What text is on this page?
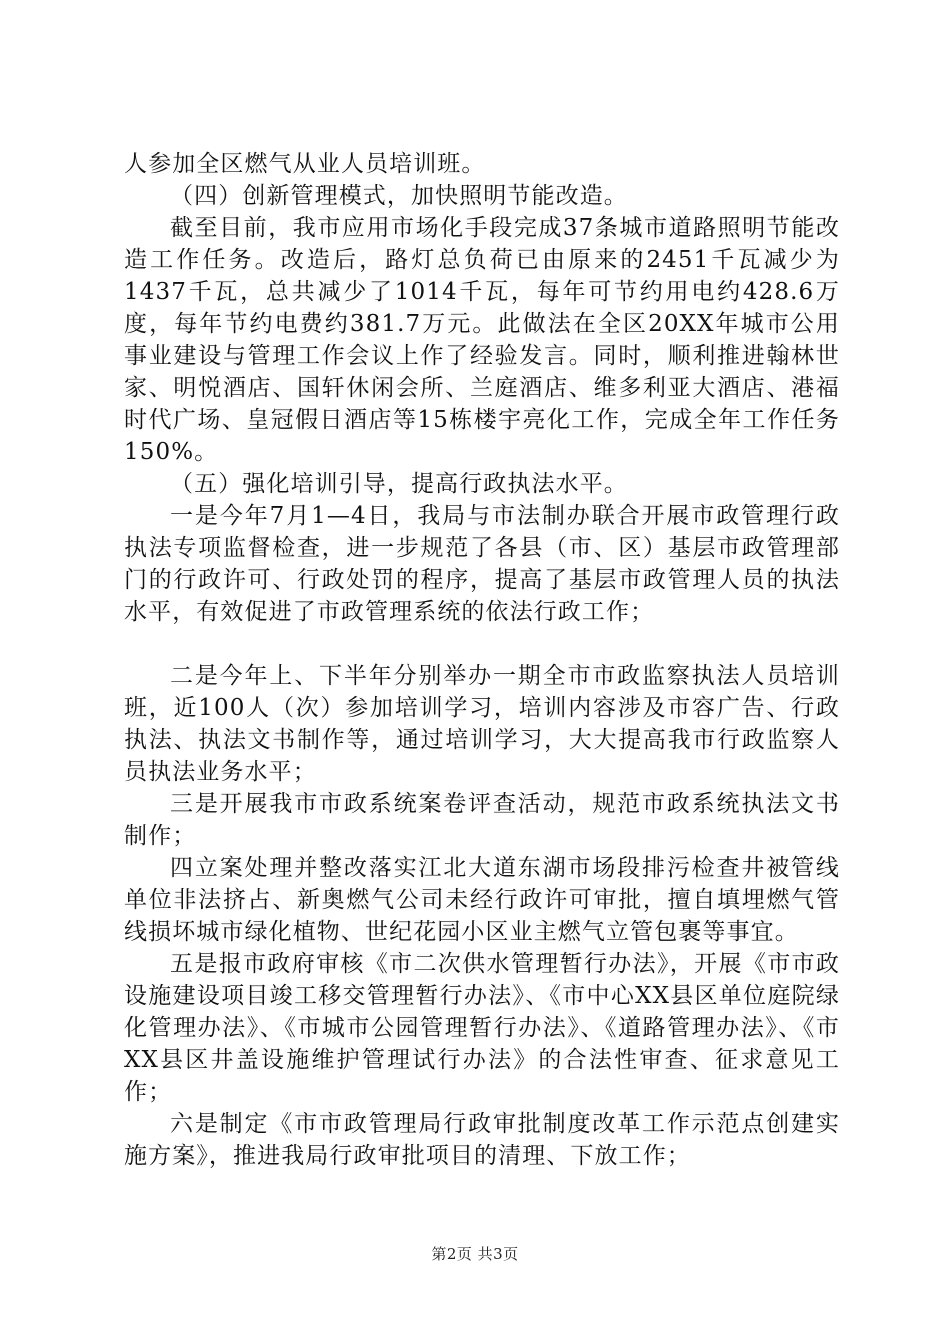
人参加全区燃气从业人员培训班。

（四）创新管理模式，加快照明节能改造。

截至目前，我市应用市场化手段完成37条城市道路照明节能改造工作任务。改造后，路灯总负荷已由原来的2451千瓦减少为1437千瓦，总共减少了1014千瓦，每年可节约用电约428.6万度，每年节约电费约381.7万元。此做法在全区20XX年城市公用事业建设与管理工作会议上作了经验发言。同时，顺利推进翰林世家、明悦酒店、国轩休闲会所、兰庭酒店、维多利亚大酒店、港福时代广场、皇冠假日酒店等15栋楼宇亮化工作，完成全年工作任务150%。

（五）强化培训引导，提高行政执法水平。

一是今年7月1—4日，我局与市法制办联合开展市政管理行政执法专项监督检查，进一步规范了各县（市、区）基层市政管理部门的行政许可、行政处罚的程序，提高了基层市政管理人员的执法水平，有效促进了市政管理系统的依法行政工作；

二是今年上、下半年分别举办一期全市市政监察执法人员培训班，近100人（次）参加培训学习，培训内容涉及市容广告、行政执法、执法文书制作等，通过培训学习，大大提高我市行政监察人员执法业务水平；

三是开展我市市政系统案卷评查活动，规范市政系统执法文书制作；

四立案处理并整改落实江北大道东湖市场段排污检查井被管线单位非法挤占、新奥燃气公司未经行政许可审批，擅自填埋燃气管线损坏城市绿化植物、世纪花园小区业主燃气立管包裹等事宜。

五是报市政府审核《市二次供水管理暂行办法》，开展《市市政设施建设项目竣工移交管理暂行办法》、《市中心XX县区单位庭院绿化管理办法》、《市城市公园管理暂行办法》、《道路管理办法》、《市XX县区井盖设施维护管理试行办法》的合法性审查、征求意见工作；

六是制定《市市政管理局行政审批制度改革工作示范点创建实施方案》，推进我局行政审批项目的清理、下放工作；

第2页 共3页
